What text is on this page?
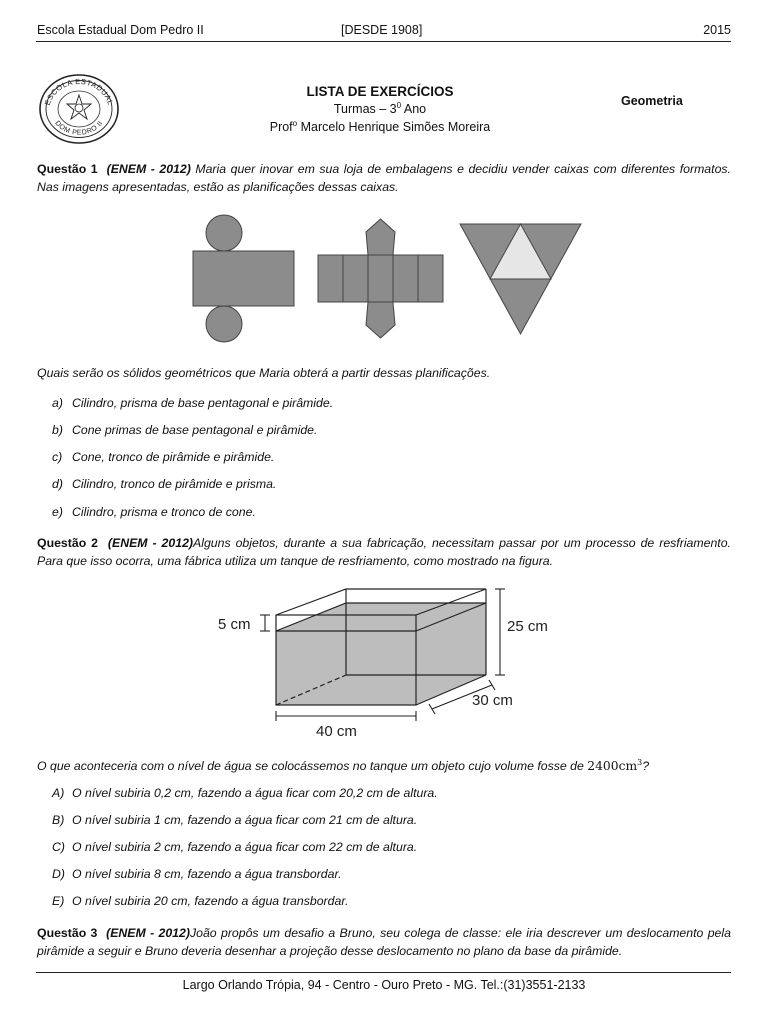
Escola Estadual Dom Pedro II	[DESDE 1908]	2015
ESCOLA ESTADUAL
DOM PEDRO II
LISTA DE EXERCÍCIOS
Turmas – $3^0$ Ano
Prof$^o$ Marcelo Henrique Simões Moreira
Geometria
Questão 1 (ENEM - 2012) Maria quer inovar em sua loja de embalagens e decidiu vender caixas com diferentes formatos. Nas imagens apresentadas, estão as planificações dessas caixas.
Quais serão os sólidos geométricos que Maria obterá a partir dessas planificações.
a) Cilindro, prisma de base pentagonal e pirâmide.
b) Cone primas de base pentagonal e pirâmide.
c) Cone, tronco de pirâmide e pirâmide.
d) Cilindro, tronco de pirâmide e prisma.
e) Cilindro, prisma e tronco de cone.
Questão 2 (ENEM - 2012)Alguns objetos, durante a sua fabricação, necessitam passar por um processo de resfriamento. Para que isso ocorra, uma fábrica utiliza um tanque de resfriamento, como mostrado na figura.
5 cm	25 cm
30 cm
40 cm
O que aconteceria com o nível de água se colocássemos no tanque um objeto cujo volume fosse de $2400cm^3$?
A) O nível subiria 0,2 cm, fazendo a água ficar com 20,2 cm de altura.
B) O nível subiria 1 cm, fazendo a água ficar com 21 cm de altura.
C) O nível subiria 2 cm, fazendo a água ficar com 22 cm de altura.
D) O nível subiria 8 cm, fazendo a água transbordar.
E) O nível subiria 20 cm, fazendo a água transbordar.
Questão 3 (ENEM - 2012)João propôs um desafio a Bruno, seu colega de classe: ele iria descrever um deslocamento pela pirâmide a seguir e Bruno deveria desenhar a projeção desse deslocamento no plano da base da pirâmide.
Largo Orlando Trópia, 94 - Centro - Ouro Preto - MG. Tel.:(31)3551-2133
